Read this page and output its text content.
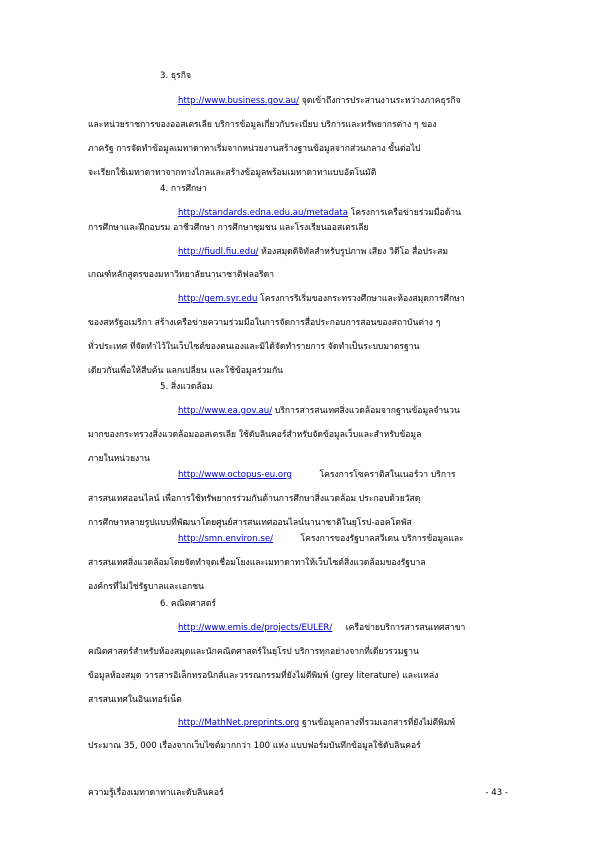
3. ธุรกิจ
http://www.business.gov.au/ จุดเข้าถึงการประสานงานระหว่างภาคธุรกิจ
และหน่วยราชการของออสเตรเลีย บริการข้อมูลเกี่ยวกับระเบียบ บริการและทรัพยากรต่าง ๆ ของ
ภาครัฐ การจัดทำข้อมูลเมทาดาทาเริ่มจากหน่วยงานสร้างฐานข้อมูลจากส่วนกลาง ขั้นต่อไป
จะเรียกใช้เมทาดาทาจากทางไกลและสร้างข้อมูลพร้อมเมทาดาทาแบบอัตโนมัติ
4. การศึกษา
http://standards.edna.edu.au/metadata โครงการเครือข่ายร่วมมือด้าน
การศึกษาและฝึกอบรม อาชีวศึกษา การศึกษาชุมชน และโรงเรียนออสเตรเลีย
http://fiudl.fiu.edu/ ห้องสมุดดิจิทัลสำหรับรูปภาพ เสียง วิดีโอ สื่อประสม
เกณฑ์หลักสูตรของมหาวิทยาลัยนานาชาติฟลอริดา
http://gem.syr.edu โครงการริเริ่มของกระทรวงศึกษาและห้องสมุดการศึกษา
ของสหรัฐอเมริกา สร้างเครือข่ายความร่วมมือในการจัดการสื่อประกอบการสอนของสถาบันต่าง ๆ
ทั่วประเทศ ที่จัดทำไว้ในเว็บไซต์ของตนเองและมิได้จัดทำรายการ จัดทำเป็นระบบมาตรฐาน
เดียวกันเพื่อให้สืบค้น แลกเปลี่ยน และใช้ข้อมูลร่วมกัน
5. สิ่งแวดล้อม
http://www.ea.gov.au/ บริการสารสนเทศสิ่งแวดล้อมจากฐานข้อมูลจำนวน
มากของกระทรวงสิ่งแวดล้อมออสเตรเลีย ใช้ดับลินคอร์สำหรับจัดข้อมูลเว็บและสำหรับข้อมูล
ภายในหน่วยงาน
http://www.octopus-eu.org	โครงการโซคราติสในเนอร์วา บริการ
สารสนเทศออนไลน์ เพื่อการใช้ทรัพยากรร่วมกันด้านการศึกษาสิ่งแวดล้อม ประกอบด้วยวัสดุ
การศึกษาหลายรูปแบบที่พัฒนาโดยศูนย์สารสนเทศออนไลน์นานาชาติในยุโรป-ออคโตพัส
http://smn.environ.se/	โครงการของรัฐบาลสวีเดน บริการข้อมูลและ
สารสนเทศสิ่งแวดล้อมโดยจัดทำจุดเชื่อมโยงและเมทาดาทาให้เว็บไซต์สิ่งแวดล้อมของรัฐบาล
องค์กรที่ไม่ใช่รัฐบาลและเอกชน
6. คณิตศาสตร์
http://www.emis.de/projects/EULER/ เครือข่ายบริการสารสนเทศสาขา
คณิตศาสตร์สำหรับห้องสมุดและนักคณิตศาสตร์ในยุโรป บริการทุกอย่างจากที่เดียวรวมฐาน
ข้อมูลห้องสมุด วารสารอิเล็กทรอนิกส์และวรรณกรรมที่ยังไม่ตีพิมพ์ (grey literature) และแหล่ง
สารสนเทศในอินเทอร์เน็ต
http://MathNet.preprints.org ฐานข้อมูลกลางที่รวมเอกสารที่ยังไม่ตีพิมพ์
ประมาณ 35, 000 เรื่องจากเว็บไซต์มากกว่า 100 แห่ง แบบฟอร์มบันทึกข้อมูลใช้ดับลินคอร์
ความรู้เรื่องเมทาดาทาและดับลินคอร์	- 43 -
